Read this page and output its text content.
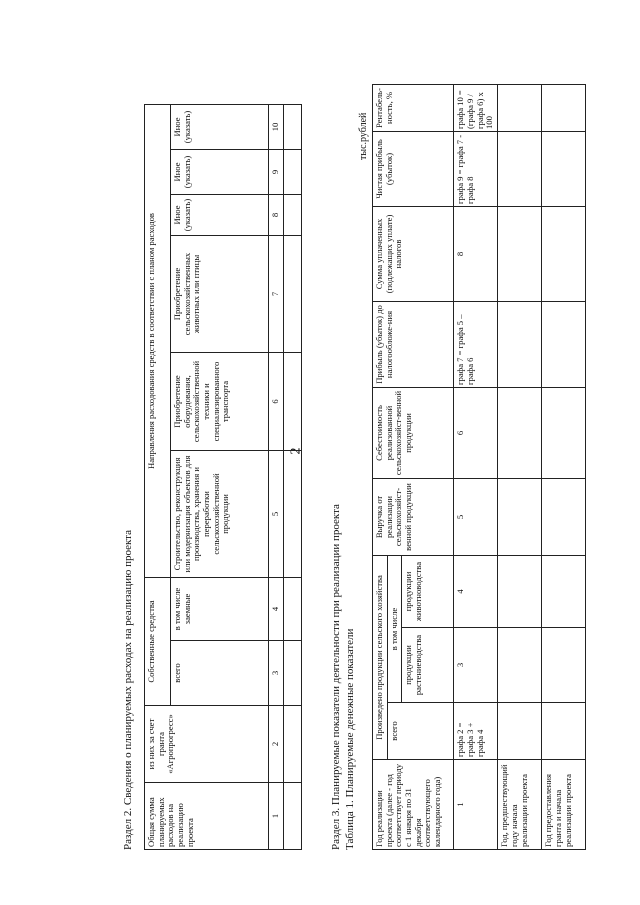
2
Раздел 2. Сведения о планируемых расходах на реализацию проекта Общая сумма планируемых расходов на реализацию проекта	из них за счет гранта «Агропрогресс»	Собственные средства		Направления расходования средств в соответствии с планом расходов					
		всего	в том числе заемные	Строительство, реконструкция или модернизация объектов для производства, хранения и переработки сельскохозяйственной продукции	Приобретение оборудования, сельскохозяйственной техники и специализированного транспорта	Приобретение сельскохозяйственных животных или птицы	Иное (указать)	Иное (указать)	Иное (указать)
1	2	3	4	5	6	7	8	9	10

Раздел 3. Планируемые показатели деятельности при реализации проекта Таблица 1. Планируемые денежные показатели
тыс.рублей
Год реализации проекта (далее - год соответствует периоду с 1 января по 31 декабря соответствующего календарного года)	Произведено продукции сельского хозяйства			Выручка от реализации сельскохозяйст-венной продукции	Себестоимость реализованной сельскохозяйст-венной продукции	Прибыль (убыток) до налогообложе-ния	Сумма уплаченных (подлежащих уплате) налогов	Чистая прибыль (убыток)	Рентабель-ность, %
	всего	в том числе							
		продукции растениеводства	продукции животноводства						
1	графа 2 = графа 3 + графа 4	3	4	5	6	графа 7 = графа 5 – графа 6	8	графа 9 = графа 7 - графа 8	графа 10 = (графа 9 / графа 6) x 100
Год, предшествующий году начала реализации проекта									
Год предоставления гранта и начала реализации проекта									
